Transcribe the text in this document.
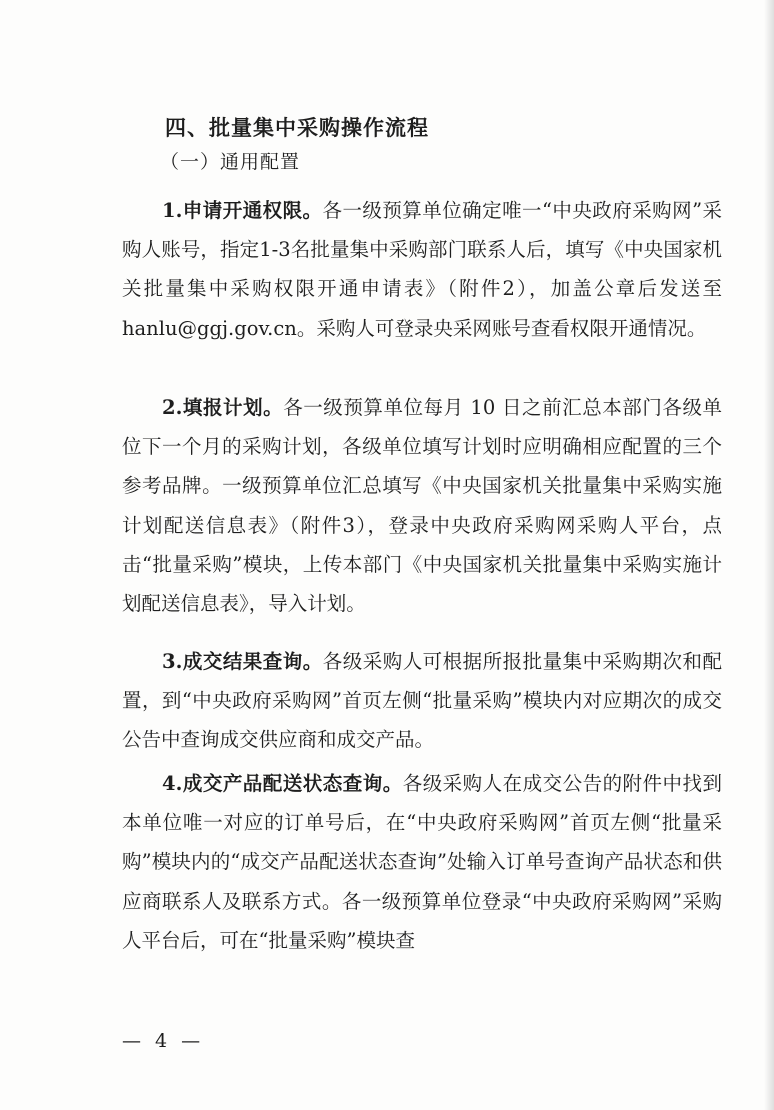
四、批量集中采购操作流程
（一）通用配置

1.申请开通权限。各一级预算单位确定唯一“中央政府采购网”采购人账号，指定1-3名批量集中采购部门联系人后，填写《中央国家机关批量集中采购权限开通申请表》（附件2），加盖公章后发送至 hanlu@ggj.gov.cn。采购人可登录央采网账号查看权限开通情况。

2.填报计划。各一级预算单位每月 10 日之前汇总本部门各级单位下一个月的采购计划，各级单位填写计划时应明确相应配置的三个参考品牌。一级预算单位汇总填写《中央国家机关批量集中采购实施计划配送信息表》（附件3），登录中央政府采购网采购人平台，点击“批量采购”模块，上传本部门《中央国家机关批量集中采购实施计划配送信息表》，导入计划。

3.成交结果查询。各级采购人可根据所报批量集中采购期次和配置，到“中央政府采购网”首页左侧“批量采购”模块内对应期次的成交公告中查询成交供应商和成交产品。

4.成交产品配送状态查询。各级采购人在成交公告的附件中找到本单位唯一对应的订单号后，在“中央政府采购网”首页左侧“批量采购”模块内的“成交产品配送状态查询”处输入订单号查询产品状态和供应商联系人及联系方式。各一级预算单位登录“中央政府采购网”采购人平台后，可在“批量采购”模块查

— 4 —
